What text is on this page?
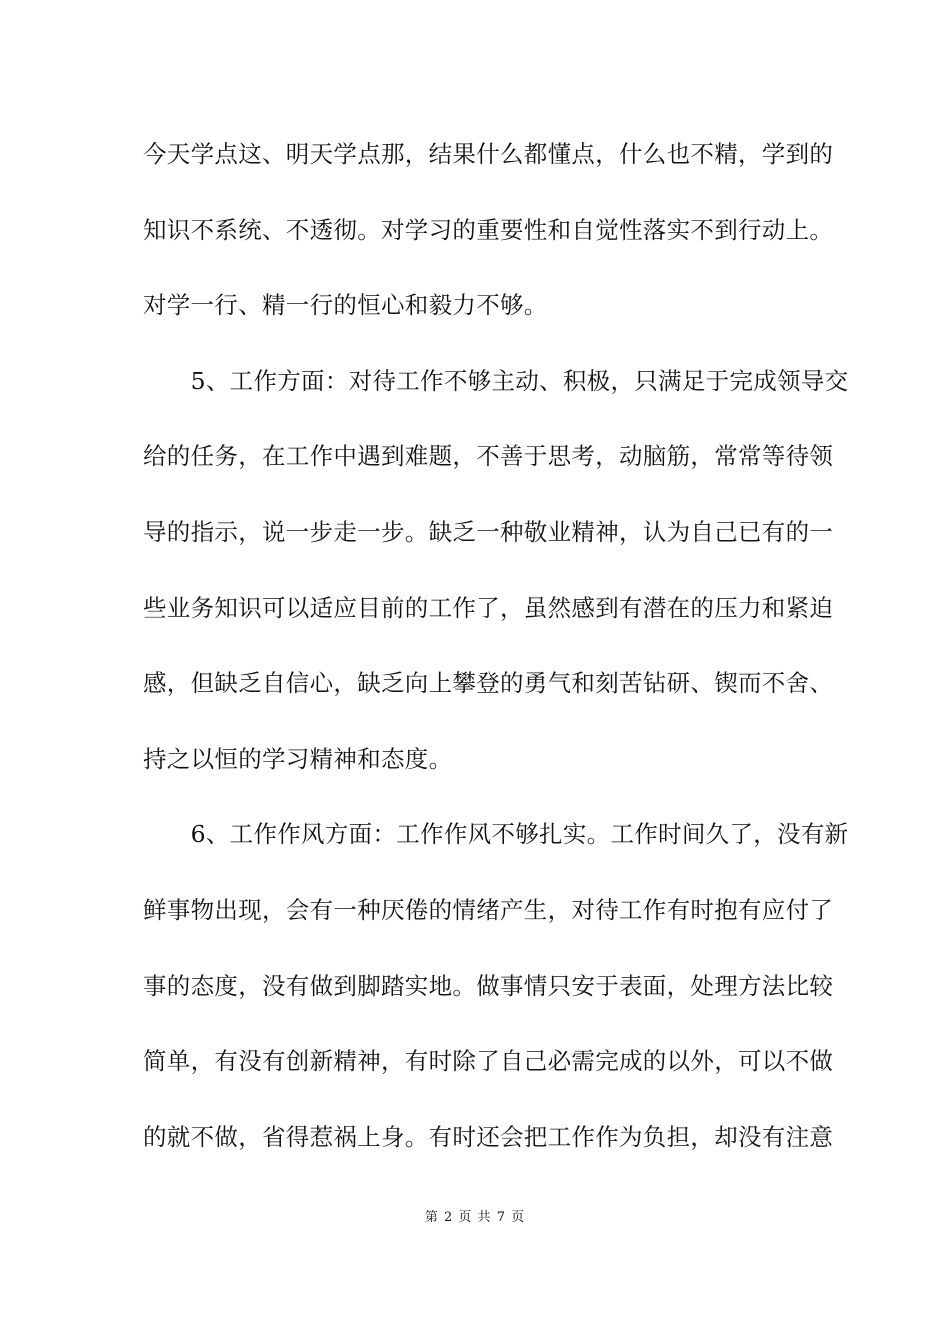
今天学点这、明天学点那，结果什么都懂点，什么也不精，学到的
知识不系统、不透彻。对学习的重要性和自觉性落实不到行动上。
对学一行、精一行的恒心和毅力不够。
　　5、工作方面：对待工作不够主动、积极，只满足于完成领导交
给的任务，在工作中遇到难题，不善于思考，动脑筋，常常等待领
导的指示，说一步走一步。缺乏一种敬业精神，认为自己已有的一
些业务知识可以适应目前的工作了，虽然感到有潜在的压力和紧迫
感，但缺乏自信心，缺乏向上攀登的勇气和刻苦钻研、锲而不舍、
持之以恒的学习精神和态度。
　　6、工作作风方面：工作作风不够扎实。工作时间久了，没有新
鲜事物出现，会有一种厌倦的情绪产生，对待工作有时抱有应付了
事的态度，没有做到脚踏实地。做事情只安于表面，处理方法比较
简单，有没有创新精神，有时除了自己必需完成的以外，可以不做
的就不做，省得惹祸上身。有时还会把工作作为负担，却没有注意
第 2 页 共 7 页
